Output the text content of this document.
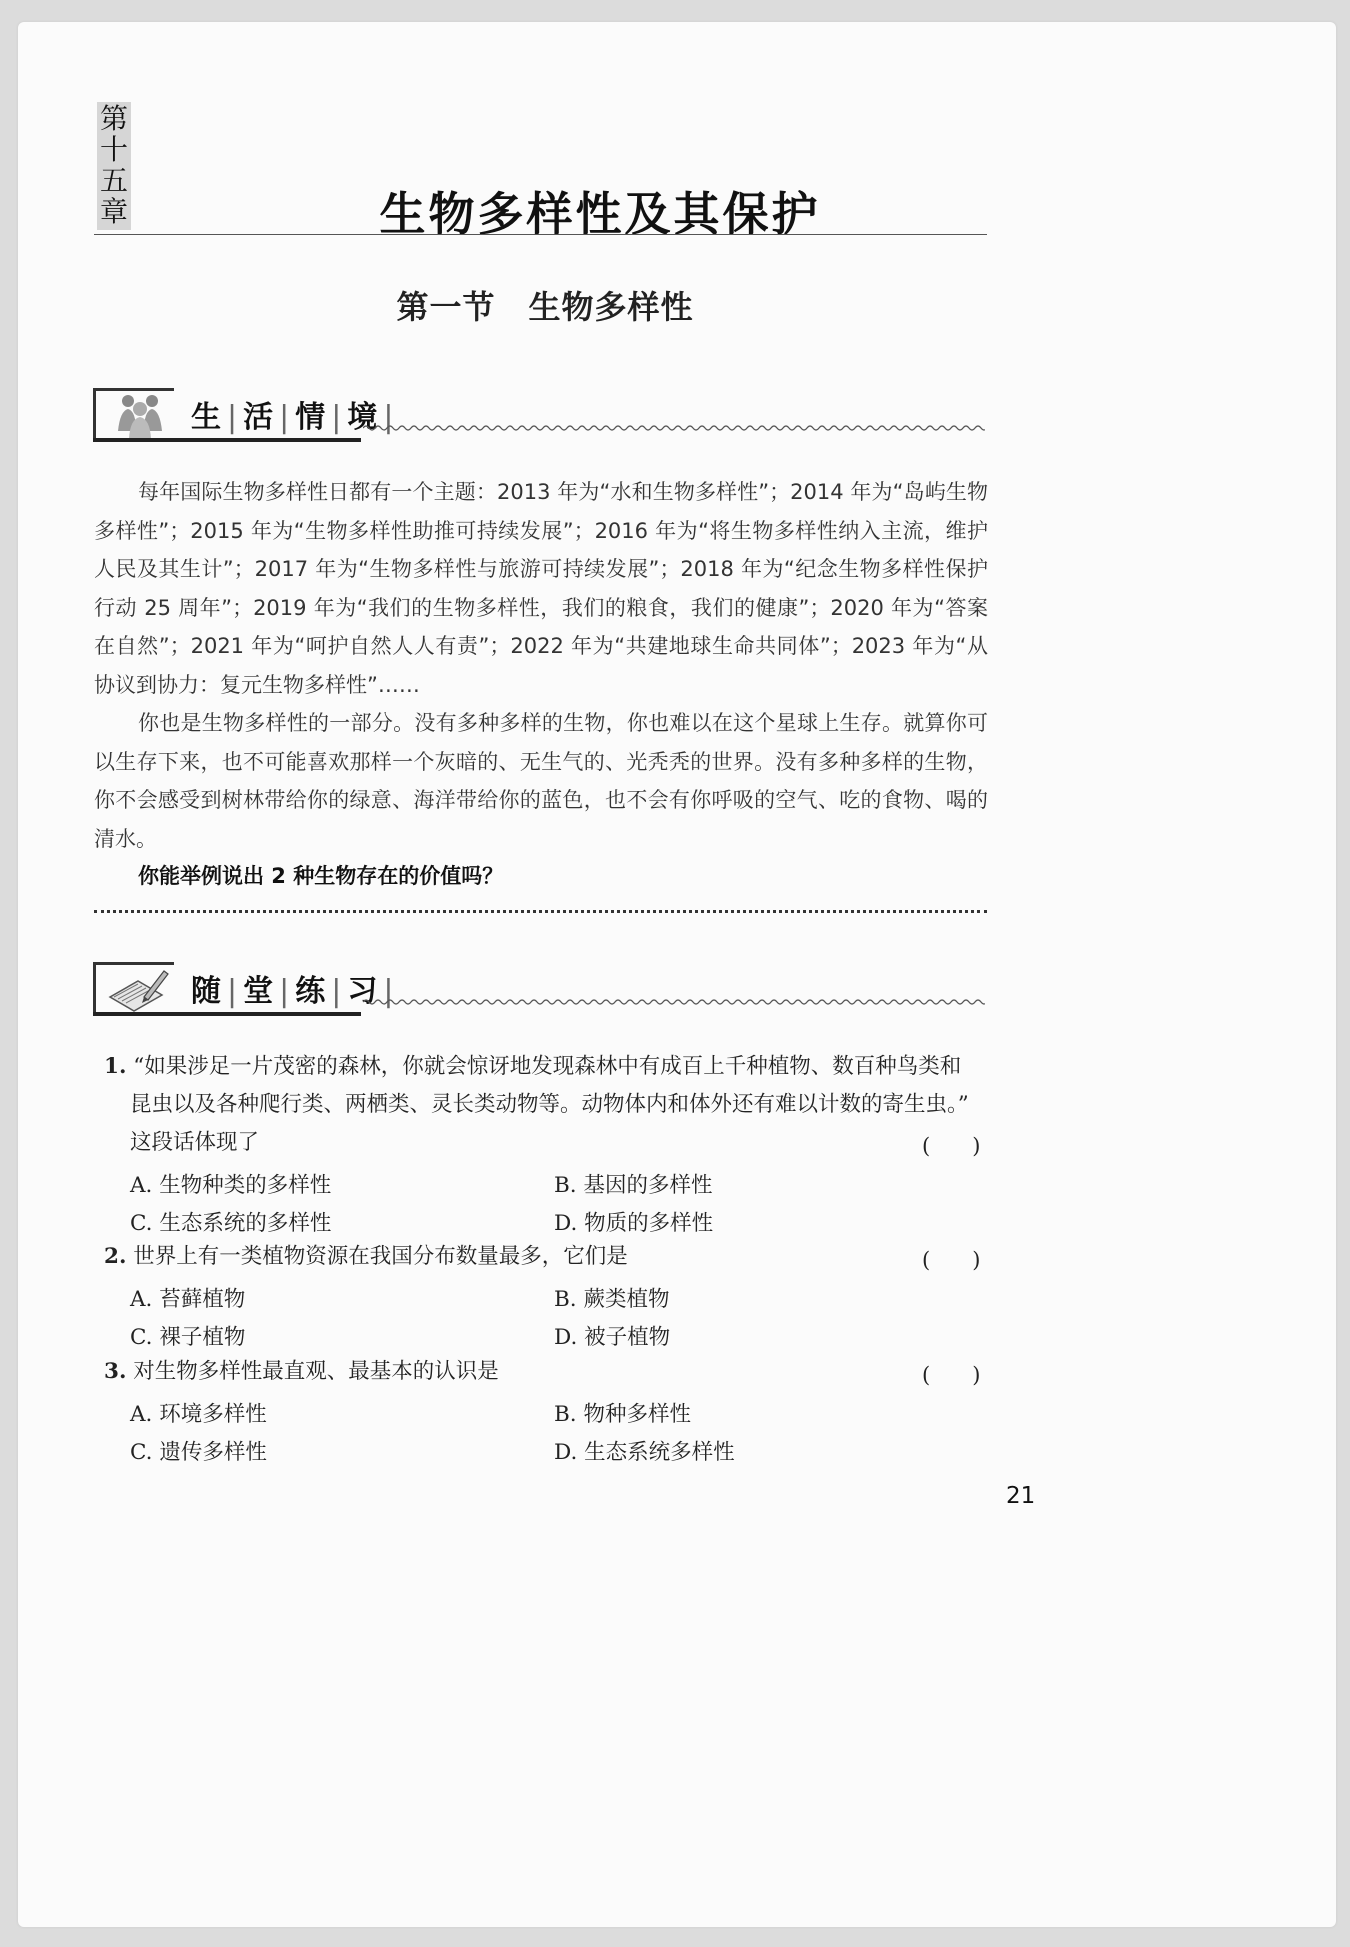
第
十
五
章	生物多样性及其保护
第一节　生物多样性
生|活|情|境|

每年国际生物多样性日都有一个主题：2013 年为“水和生物多样性”；2014 年为“岛屿生物多样性”；2015 年为“生物多样性助推可持续发展”；2016 年为“将生物多样性纳入主流，维护人民及其生计”；2017 年为“生物多样性与旅游可持续发展”；2018 年为“纪念生物多样性保护行动 25 周年”；2019 年为“我们的生物多样性，我们的粮食，我们的健康”；2020 年为“答案在自然”；2021 年为“呵护自然人人有责”；2022 年为“共建地球生命共同体”；2023 年为“从协议到协力：复元生物多样性”……

你也是生物多样性的一部分。没有多种多样的生物，你也难以在这个星球上生存。就算你可以生存下来，也不可能喜欢那样一个灰暗的、无生气的、光秃秃的世界。没有多种多样的生物，你不会感受到树林带给你的绿意、海洋带给你的蓝色，也不会有你呼吸的空气、吃的食物、喝的清水。

你能举例说出 2 种生物存在的价值吗？
随|堂|练|习|
1. “如果涉足一片茂密的森林，你就会惊讶地发现森林中有成百上千种植物、数百种鸟类和
昆虫以及各种爬行类、两栖类、灵长类动物等。动物体内和体外还有难以计数的寄生虫。”
这段话体现了	(　　)
A. 生物种类的多样性	B. 基因的多样性
C. 生态系统的多样性	D. 物质的多样性
2. 世界上有一类植物资源在我国分布数量最多，它们是	(　　)
A. 苔藓植物	B. 蕨类植物
C. 裸子植物	D. 被子植物
3. 对生物多样性最直观、最基本的认识是	(　　)
A. 环境多样性	B. 物种多样性
C. 遗传多样性	D. 生态系统多样性
21
